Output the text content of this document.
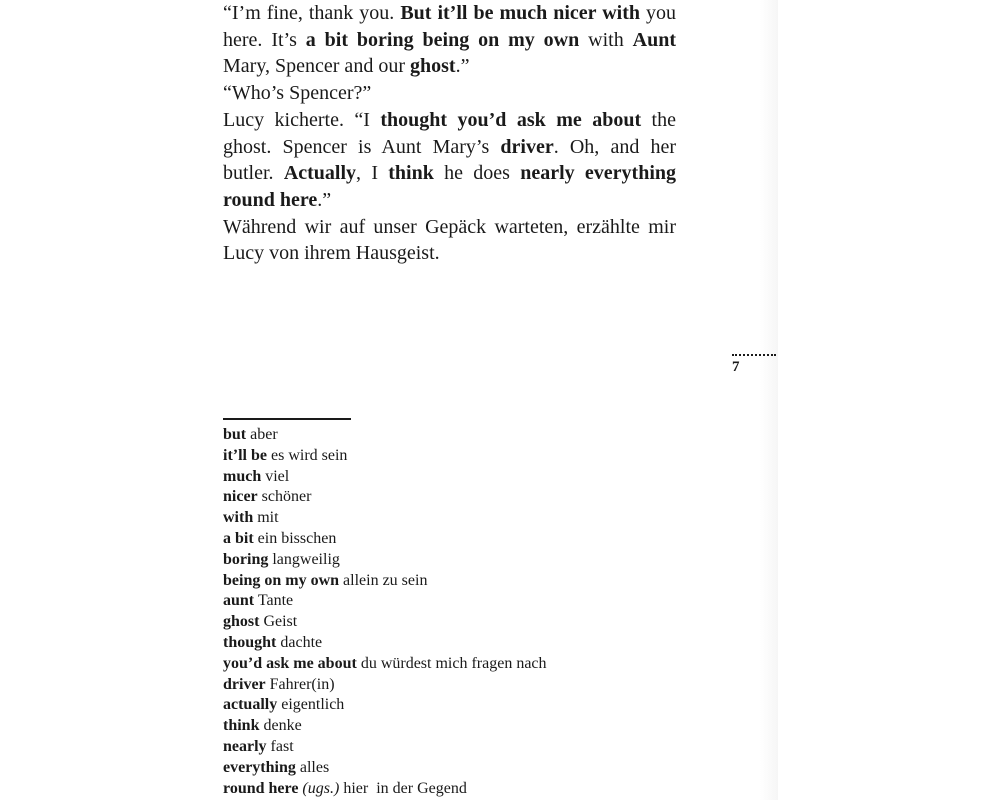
“I’m fine, thank you. But it’ll be much nicer with you here. It’s a bit boring being on my own with Aunt Mary, Spencer and our ghost.”

“Who’s Spencer?”

Lucy kicherte. “I thought you’d ask me about the ghost. Spencer is Aunt Mary’s driver. Oh, and her butler. Actually, I think he does nearly everything round here.”

Während wir auf unser Gepäck warteten, erzählte mir Lucy von ihrem Hausgeist.

7
but aber
it’ll be es wird sein
much viel
nicer schöner
with mit
a bit ein bisschen
boring langweilig
being on my own allein zu sein
aunt Tante
ghost Geist
thought dachte
you’d ask me about du würdest mich fragen nach
driver Fahrer(in)
actually eigentlich
think denke
nearly fast
everything alles
round here (ugs.) hier  in der Gegend
